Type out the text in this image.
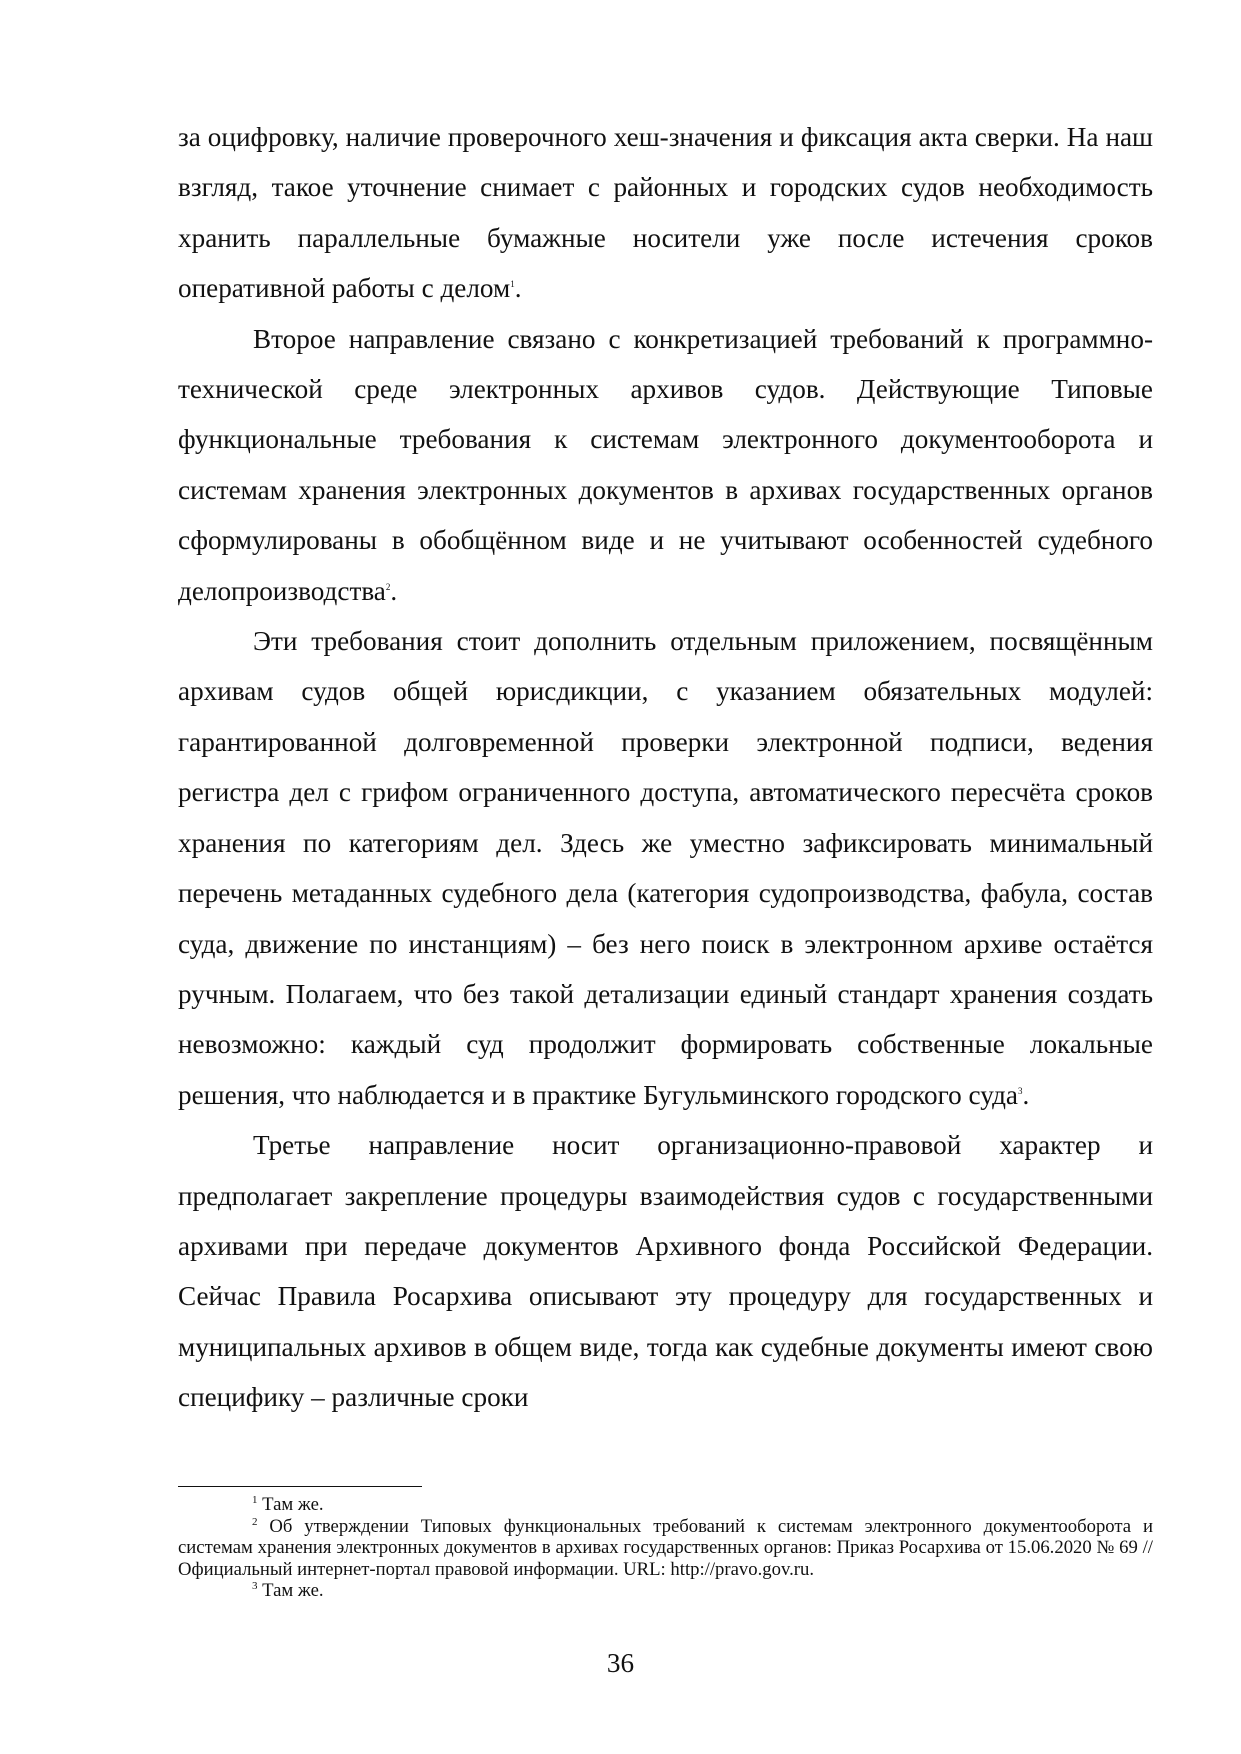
за оцифровку, наличие проверочного хеш-значения и фиксация акта сверки. На наш взгляд, такое уточнение снимает с районных и городских судов необходимость хранить параллельные бумажные носители уже после истечения сроков оперативной работы с делом$^1$.

Второе направление связано с конкретизацией требований к программно-технической среде электронных архивов судов. Действующие Типовые функциональные требования к системам электронного документооборота и системам хранения электронных документов в архивах государственных органов сформулированы в обобщённом виде и не учитывают особенностей судебного делопроизводства$^2$.

Эти требования стоит дополнить отдельным приложением, посвящённым архивам судов общей юрисдикции, с указанием обязательных модулей: гарантированной долговременной проверки электронной подписи, ведения регистра дел с грифом ограниченного доступа, автоматического пересчёта сроков хранения по категориям дел. Здесь же уместно зафиксировать минимальный перечень метаданных судебного дела (категория судопроизводства, фабула, состав суда, движение по инстанциям) – без него поиск в электронном архиве остаётся ручным. Полагаем, что без такой детализации единый стандарт хранения создать невозможно: каждый суд продолжит формировать собственные локальные решения, что наблюдается и в практике Бугульминского городского суда$^3$.

Третье направление носит организационно-правовой характер и предполагает закрепление процедуры взаимодействия судов с государственными архивами при передаче документов Архивного фонда Российской Федерации. Сейчас Правила Росархива описывают эту процедуру для государственных и муниципальных архивов в общем виде, тогда как судебные документы имеют свою специфику – различные сроки

$^1$ Там же.

$^2$ Об утверждении Типовых функциональных требований к системам электронного документооборота и системам хранения электронных документов в архивах государственных органов: Приказ Росархива от 15.06.2020 № 69 // Официальный интернет-портал правовой информации. URL: http://pravo.gov.ru.

$^3$ Там же.

36
